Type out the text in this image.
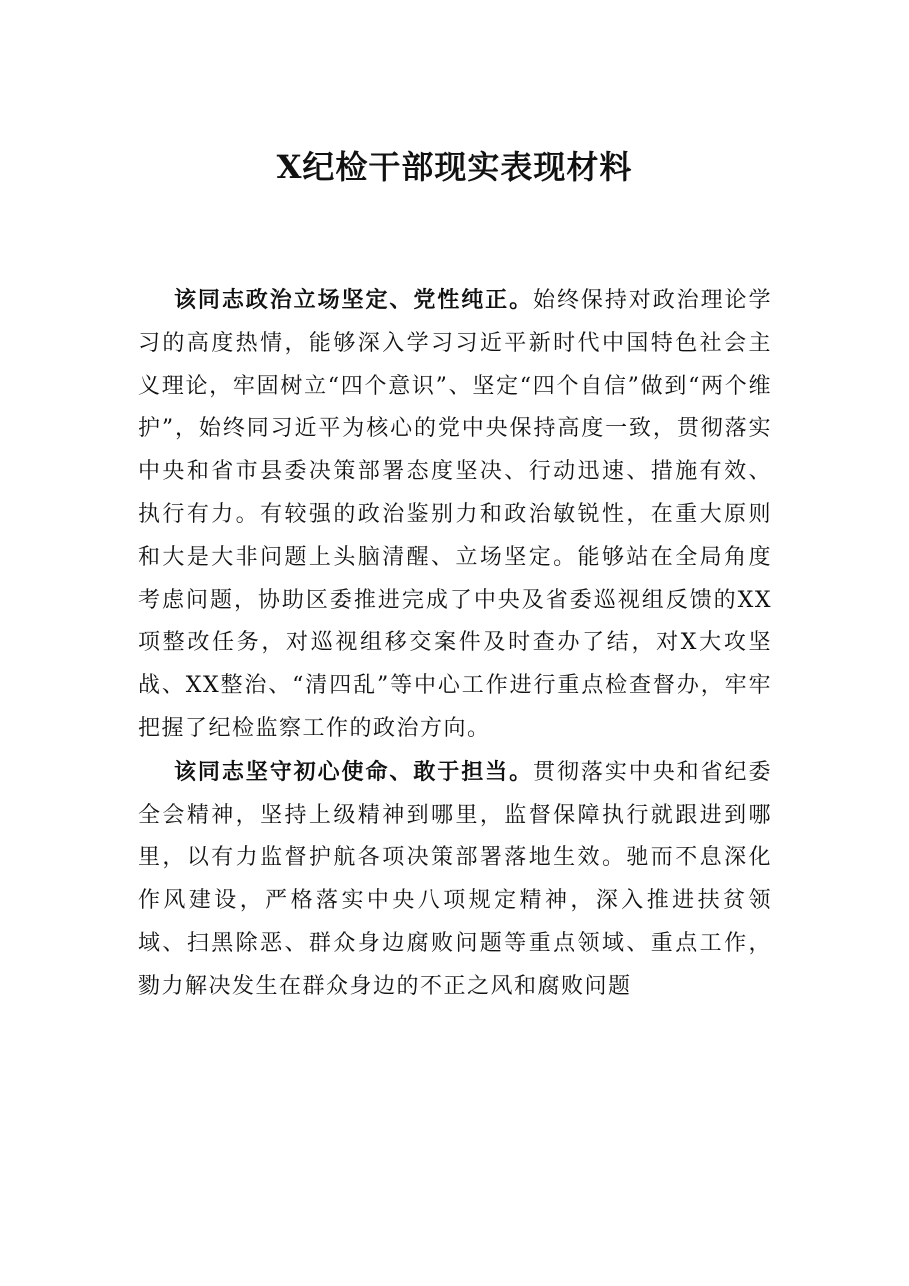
X纪检干部现实表现材料

该同志政治立场坚定、党性纯正。始终保持对政治理论学习的高度热情，能够深入学习习近平新时代中国特色社会主义理论，牢固树立“四个意识”、坚定“四个自信”做到“两个维护”，始终同习近平为核心的党中央保持高度一致，贯彻落实中央和省市县委决策部署态度坚决、行动迅速、措施有效、执行有力。有较强的政治鉴别力和政治敏锐性，在重大原则和大是大非问题上头脑清醒、立场坚定。能够站在全局角度考虑问题，协助区委推进完成了中央及省委巡视组反馈的XX项整改任务，对巡视组移交案件及时查办了结，对X大攻坚战、XX整治、“清四乱”等中心工作进行重点检查督办，牢牢把握了纪检监察工作的政治方向。

该同志坚守初心使命、敢于担当。贯彻落实中央和省纪委全会精神，坚持上级精神到哪里，监督保障执行就跟进到哪里，以有力监督护航各项决策部署落地生效。驰而不息深化作风建设，严格落实中央八项规定精神，深入推进扶贫领域、扫黑除恶、群众身边腐败问题等重点领域、重点工作，勠力解决发生在群众身边的不正之风和腐败问题
